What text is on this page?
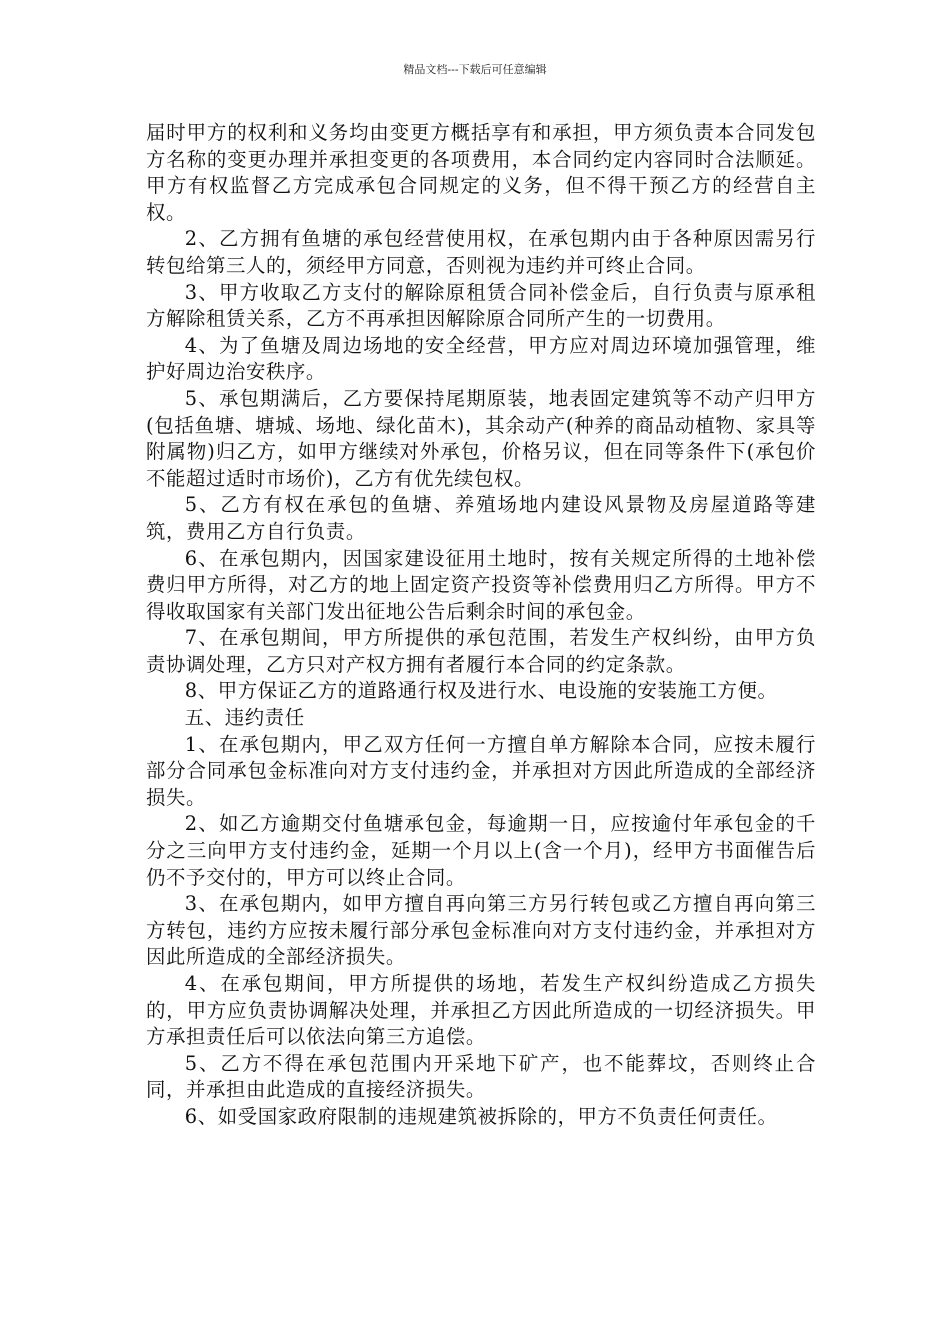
精品文档---下载后可任意编辑

届时甲方的权利和义务均由变更方概括享有和承担，甲方须负责本合同发包方名称的变更办理并承担变更的各项费用，本合同约定内容同时合法顺延。甲方有权监督乙方完成承包合同规定的义务，但不得干预乙方的经营自主权。

2、乙方拥有鱼塘的承包经营使用权，在承包期内由于各种原因需另行转包给第三人的，须经甲方同意，否则视为违约并可终止合同。

3、甲方收取乙方支付的解除原租赁合同补偿金后，自行负责与原承租方解除租赁关系，乙方不再承担因解除原合同所产生的一切费用。

4、为了鱼塘及周边场地的安全经营，甲方应对周边环境加强管理，维护好周边治安秩序。

5、承包期满后，乙方要保持尾期原装，地表固定建筑等不动产归甲方(包括鱼塘、塘城、场地、绿化苗木)，其余动产(种养的商品动植物、家具等附属物)归乙方，如甲方继续对外承包，价格另议，但在同等条件下(承包价不能超过适时市场价)，乙方有优先续包权。

5、乙方有权在承包的鱼塘、养殖场地内建设风景物及房屋道路等建筑，费用乙方自行负责。

6、在承包期内，因国家建设征用土地时，按有关规定所得的土地补偿费归甲方所得，对乙方的地上固定资产投资等补偿费用归乙方所得。甲方不得收取国家有关部门发出征地公告后剩余时间的承包金。

7、在承包期间，甲方所提供的承包范围，若发生产权纠纷，由甲方负责协调处理，乙方只对产权方拥有者履行本合同的约定条款。

8、甲方保证乙方的道路通行权及进行水、电设施的安装施工方便。

五、违约责任

1、在承包期内，甲乙双方任何一方擅自单方解除本合同，应按未履行部分合同承包金标准向对方支付违约金，并承担对方因此所造成的全部经济损失。

2、如乙方逾期交付鱼塘承包金，每逾期一日，应按逾付年承包金的千分之三向甲方支付违约金，延期一个月以上(含一个月)，经甲方书面催告后仍不予交付的，甲方可以终止合同。

3、在承包期内，如甲方擅自再向第三方另行转包或乙方擅自再向第三方转包，违约方应按未履行部分承包金标准向对方支付违约金，并承担对方因此所造成的全部经济损失。

4、在承包期间，甲方所提供的场地，若发生产权纠纷造成乙方损失的，甲方应负责协调解决处理，并承担乙方因此所造成的一切经济损失。甲方承担责任后可以依法向第三方追偿。

5、乙方不得在承包范围内开采地下矿产，也不能葬坟，否则终止合同，并承担由此造成的直接经济损失。

6、如受国家政府限制的违规建筑被拆除的，甲方不负责任何责任。
